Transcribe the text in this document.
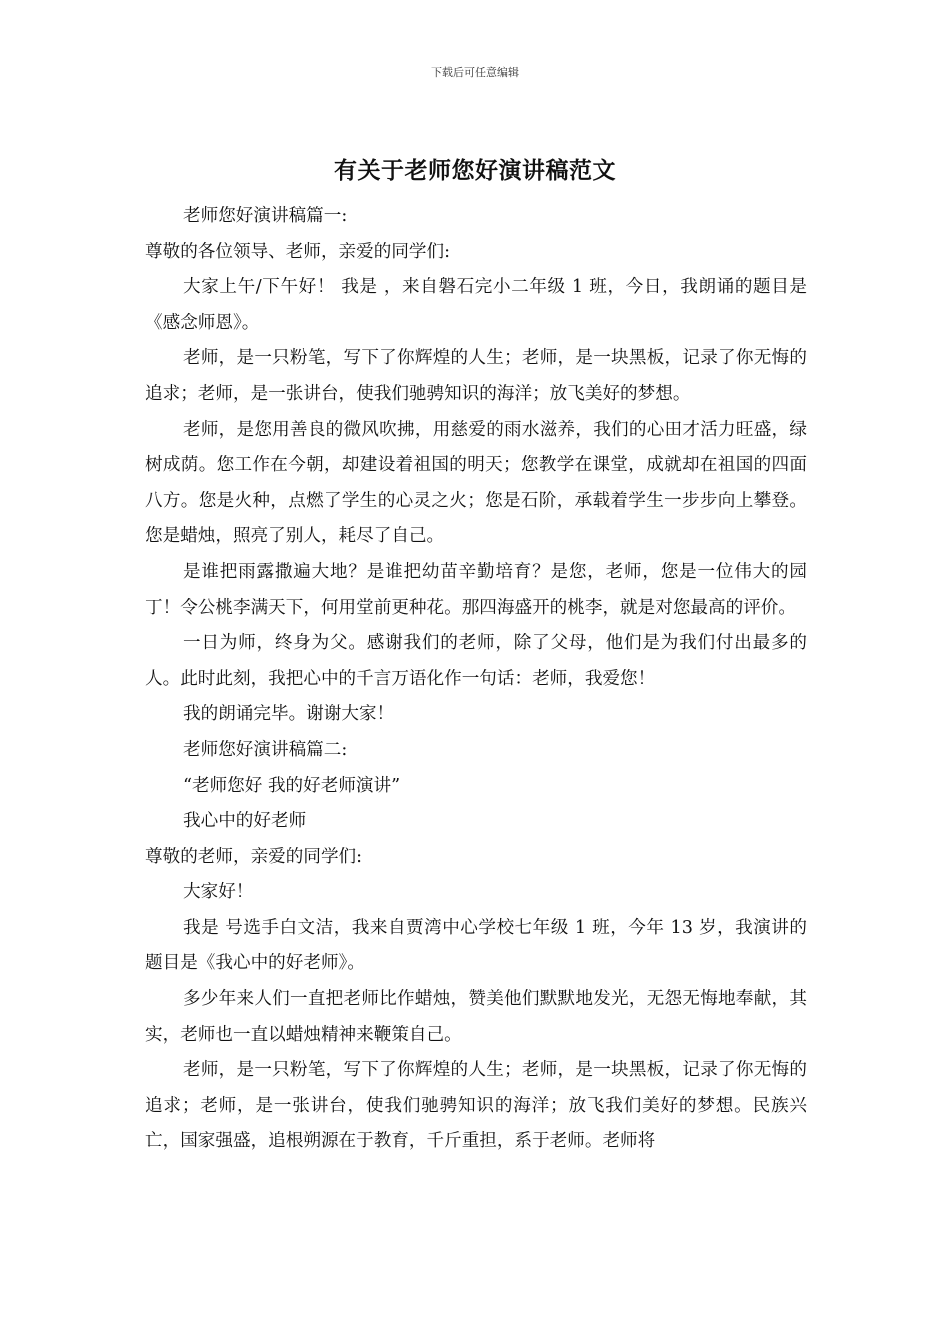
下载后可任意编辑
有关于老师您好演讲稿范文

老师您好演讲稿篇一:

尊敬的各位领导、老师，亲爱的同学们:

大家上午/下午好！ 我是 ，来自磐石完小二年级 1 班，今日，我朗诵的题目是《感念师恩》。

老师，是一只粉笔，写下了你辉煌的人生；老师，是一块黑板，记录了你无悔的追求；老师，是一张讲台，使我们驰骋知识的海洋；放飞美好的梦想。

老师，是您用善良的微风吹拂，用慈爱的雨水滋养，我们的心田才活力旺盛，绿树成荫。您工作在今朝，却建设着祖国的明天；您教学在课堂，成就却在祖国的四面八方。您是火种，点燃了学生的心灵之火；您是石阶，承载着学生一步步向上攀登。您是蜡烛，照亮了别人，耗尽了自己。

是谁把雨露撒遍大地？是谁把幼苗辛勤培育？是您，老师，您是一位伟大的园丁！令公桃李满天下，何用堂前更种花。那四海盛开的桃李，就是对您最高的评价。

一日为师，终身为父。感谢我们的老师，除了父母，他们是为我们付出最多的人。此时此刻，我把心中的千言万语化作一句话：老师，我爱您！

我的朗诵完毕。谢谢大家！

老师您好演讲稿篇二:

“老师您好 我的好老师演讲”

我心中的好老师

尊敬的老师，亲爱的同学们:

大家好！

我是 号选手白文洁，我来自贾湾中心学校七年级 1 班，今年 13 岁，我演讲的题目是《我心中的好老师》。

多少年来人们一直把老师比作蜡烛，赞美他们默默地发光，无怨无悔地奉献，其实，老师也一直以蜡烛精神来鞭策自己。

老师，是一只粉笔，写下了你辉煌的人生；老师，是一块黑板，记录了你无悔的追求；老师，是一张讲台，使我们驰骋知识的海洋；放飞我们美好的梦想。民族兴亡，国家强盛，追根朔源在于教育，千斤重担，系于老师。老师将
